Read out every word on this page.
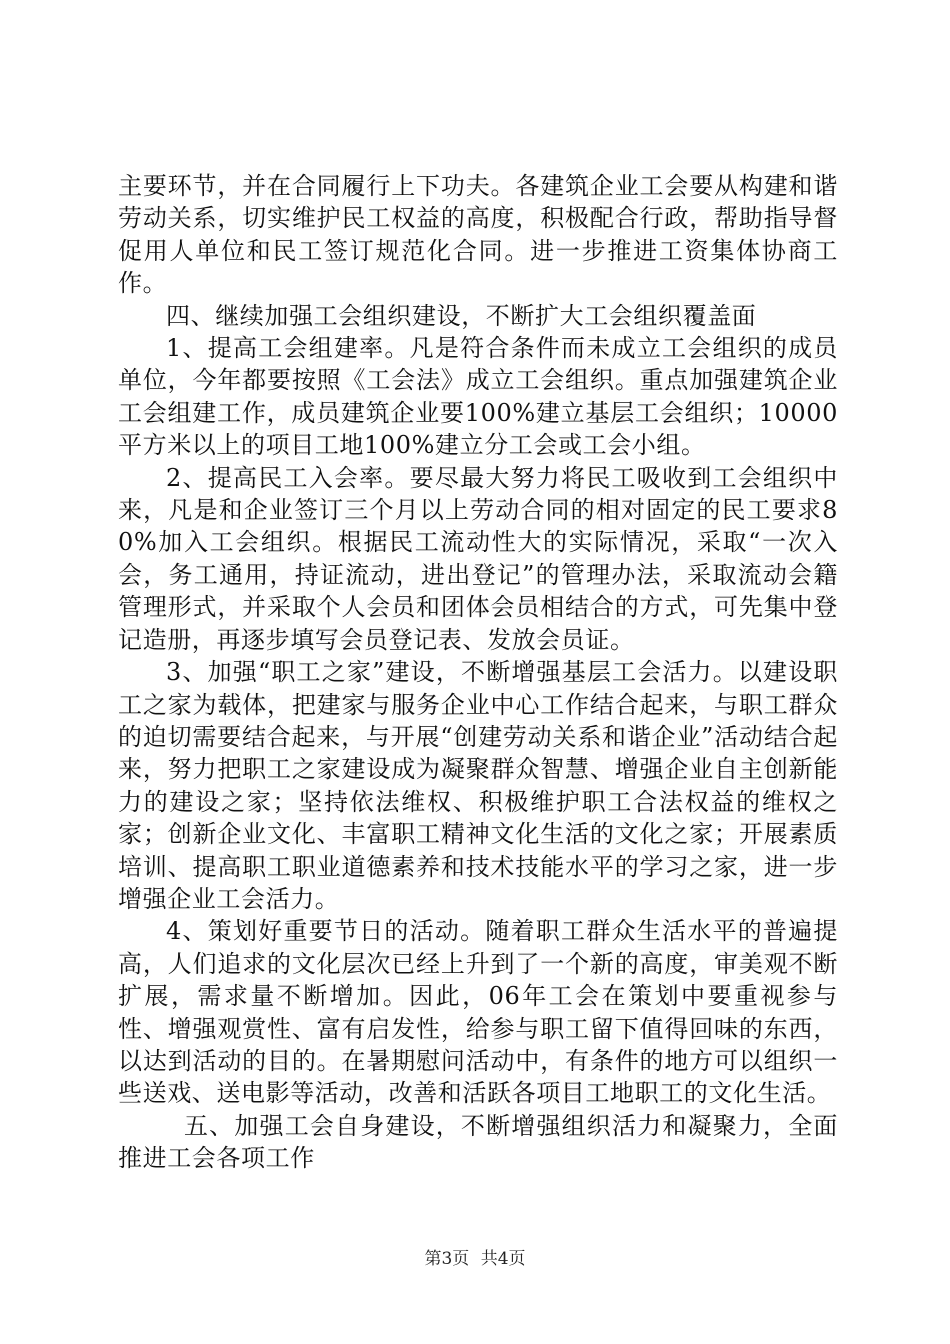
主要环节，并在合同履行上下功夫。各建筑企业工会要从构建和谐劳动关系，切实维护民工权益的高度，积极配合行政，帮助指导督促用人单位和民工签订规范化合同。进一步推进工资集体协商工作。

四、继续加强工会组织建设，不断扩大工会组织覆盖面

1、提高工会组建率。凡是符合条件而未成立工会组织的成员单位，今年都要按照《工会法》成立工会组织。重点加强建筑企业工会组建工作，成员建筑企业要100%建立基层工会组织；10000平方米以上的项目工地100%建立分工会或工会小组。

2、提高民工入会率。要尽最大努力将民工吸收到工会组织中来，凡是和企业签订三个月以上劳动合同的相对固定的民工要求80%加入工会组织。根据民工流动性大的实际情况，采取“一次入会，务工通用，持证流动，进出登记”的管理办法，采取流动会籍管理形式，并采取个人会员和团体会员相结合的方式，可先集中登记造册，再逐步填写会员登记表、发放会员证。

3、加强“职工之家”建设，不断增强基层工会活力。以建设职工之家为载体，把建家与服务企业中心工作结合起来，与职工群众的迫切需要结合起来，与开展“创建劳动关系和谐企业”活动结合起来，努力把职工之家建设成为凝聚群众智慧、增强企业自主创新能力的建设之家；坚持依法维权、积极维护职工合法权益的维权之家；创新企业文化、丰富职工精神文化生活的文化之家；开展素质培训、提高职工职业道德素养和技术技能水平的学习之家，进一步增强企业工会活力。

4、策划好重要节日的活动。随着职工群众生活水平的普遍提高，人们追求的文化层次已经上升到了一个新的高度，审美观不断扩展，需求量不断增加。因此，06年工会在策划中要重视参与性、增强观赏性、富有启发性，给参与职工留下值得回味的东西，以达到活动的目的。在暑期慰问活动中，有条件的地方可以组织一些送戏、送电影等活动，改善和活跃各项目工地职工的文化生活。

五、加强工会自身建设，不断增强组织活力和凝聚力，全面推进工会各项工作

第3页 共4页
